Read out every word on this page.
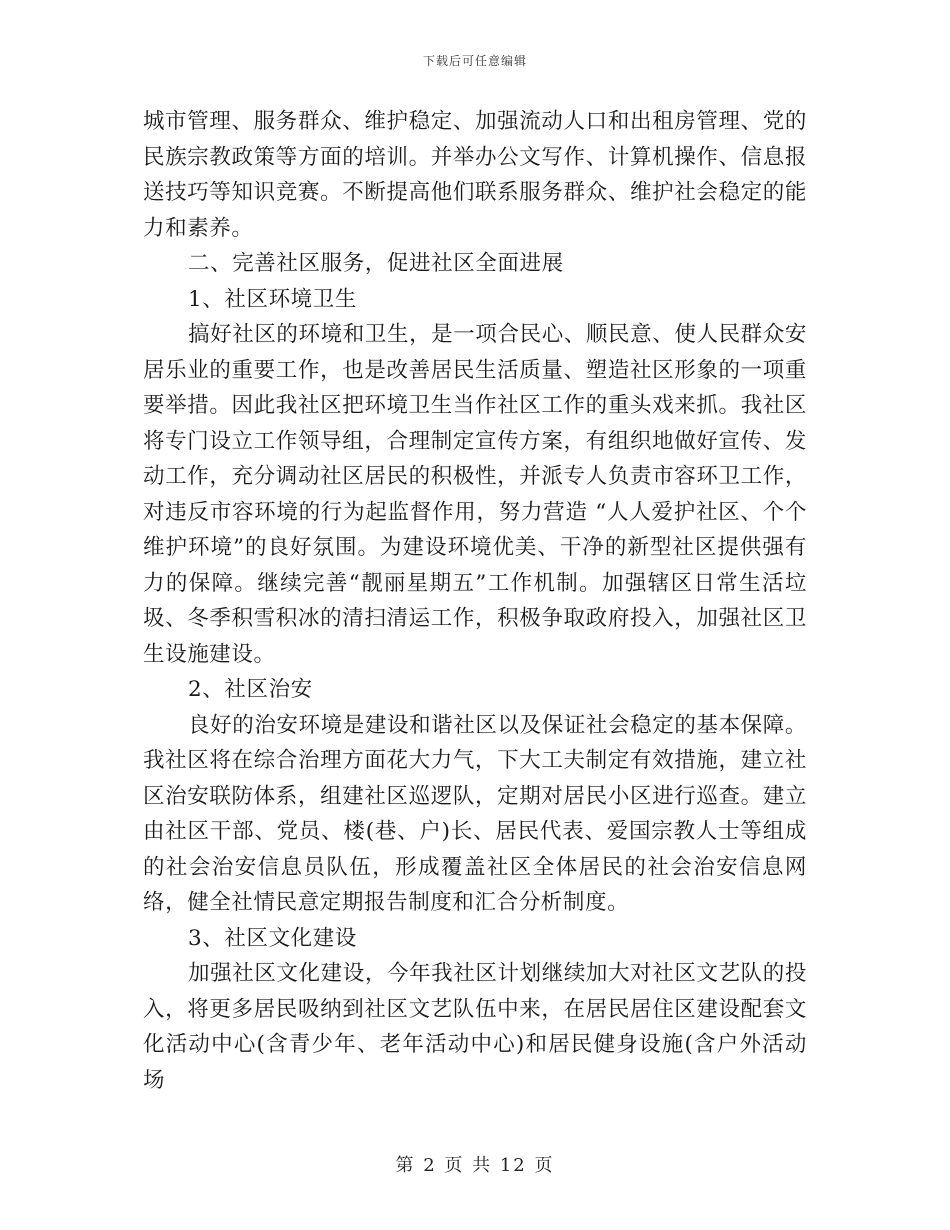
下载后可任意编辑

城市管理、服务群众、维护稳定、加强流动人口和出租房管理、党的民族宗教政策等方面的培训。并举办公文写作、计算机操作、信息报送技巧等知识竞赛。不断提高他们联系服务群众、维护社会稳定的能力和素养。

二、完善社区服务，促进社区全面进展

1、社区环境卫生

搞好社区的环境和卫生，是一项合民心、顺民意、使人民群众安居乐业的重要工作，也是改善居民生活质量、塑造社区形象的一项重要举措。因此我社区把环境卫生当作社区工作的重头戏来抓。我社区将专门设立工作领导组，合理制定宣传方案，有组织地做好宣传、发动工作，充分调动社区居民的积极性，并派专人负责市容环卫工作，对违反市容环境的行为起监督作用，努力营造 “人人爱护社区、个个维护环境”的良好氛围。为建设环境优美、干净的新型社区提供强有力的保障。继续完善“靓丽星期五”工作机制。加强辖区日常生活垃圾、冬季积雪积冰的清扫清运工作，积极争取政府投入，加强社区卫生设施建设。

2、社区治安

良好的治安环境是建设和谐社区以及保证社会稳定的基本保障。我社区将在综合治理方面花大力气，下大工夫制定有效措施，建立社区治安联防体系，组建社区巡逻队，定期对居民小区进行巡查。建立由社区干部、党员、楼(巷、户)长、居民代表、爱国宗教人士等组成的社会治安信息员队伍，形成覆盖社区全体居民的社会治安信息网络，健全社情民意定期报告制度和汇合分析制度。

3、社区文化建设

加强社区文化建设，今年我社区计划继续加大对社区文艺队的投入，将更多居民吸纳到社区文艺队伍中来，在居民居住区建设配套文化活动中心(含青少年、老年活动中心)和居民健身设施(含户外活动场

第 2 页 共 12 页
